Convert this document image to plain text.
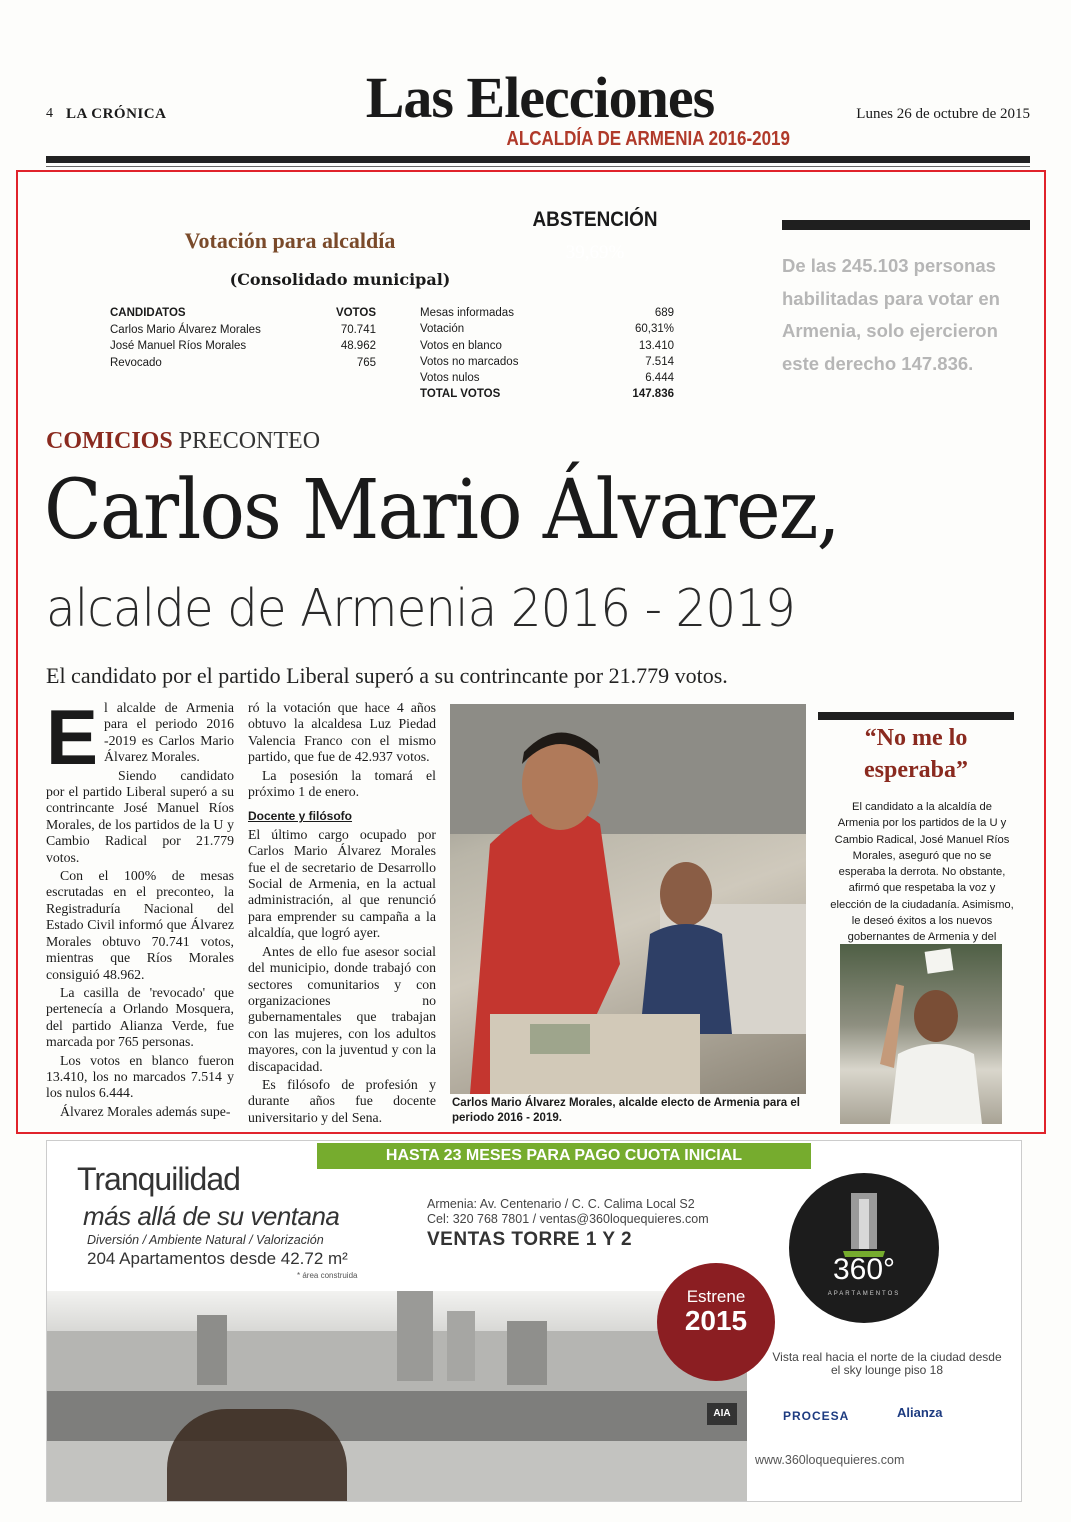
4 LA CRÓNICA	Las Elecciones
ALCALDÍA DE ARMENIA 2016-2019
Lunes 26 de octubre de 2015
Votación para alcaldía
(Consolidado municipal)
CANDIDATOS	VOTOS
Carlos Mario Álvarez Morales	70.741
José Manuel Ríos Morales	48.962
Revocado	765
Mesas informadas	689
Votación	60,31%
Votos en blanco	13.410
Votos no marcados	7.514
Votos nulos	6.444
TOTAL VOTOS	147.836
ABSTENCIÓN
39,69%
De las 245.103 personas habilitadas para votar en Armenia, solo ejercieron este derecho 147.836.
COMICIOS PRECONTEO
Carlos Mario Álvarez,
alcalde de Armenia 2016 - 2019
El candidato por el partido Liberal superó a su contrincante por 21.779 votos.

El alcalde de Armenia para el periodo 2016 -2019 es Carlos Mario Álvarez Morales.

Siendo candidato por el partido Liberal superó a su contrincante José Manuel Ríos Morales, de los partidos de la U y Cambio Radical por 21.779 votos.

Con el 100% de mesas escrutadas en el preconteo, la Registraduría Nacional del Estado Civil informó que Álvarez Morales obtuvo 70.741 votos, mientras que Ríos Morales consiguió 48.962.

La casilla de 'revocado' que pertenecía a Orlando Mosquera, del partido Alianza Verde, fue marcada por 765 personas.

Los votos en blanco fueron 13.410, los no marcados 7.514 y los nulos 6.444.

Álvarez Morales además supe-

ró la votación que hace 4 años obtuvo la alcaldesa Luz Piedad Valencia Franco con el mismo partido, que fue de 42.937 votos.

La posesión la tomará el próximo 1 de enero.

Docente y filósofo

El último cargo ocupado por Carlos Mario Álvarez Morales fue el de secretario de Desarrollo Social de Armenia, en la actual administración, al que renunció para emprender su campaña a la alcaldía, que logró ayer.

Antes de ello fue asesor social del municipio, donde trabajó con sectores comunitarios y con organizaciones no gubernamentales que trabajan con las mujeres, con los adultos mayores, con la juventud y con la discapacidad.

Es filósofo de profesión y durante años fue docente universitario y del Sena.

Carlos Mario Álvarez Morales, alcalde electo de Armenia para el periodo 2016 - 2019.
“No me lo esperaba”
El candidato a la alcaldía de Armenia por los partidos de la U y Cambio Radical, José Manuel Ríos Morales, aseguró que no se esperaba la derrota. No obstante, afirmó que respetaba la voz y elección de la ciudadanía. Asimismo, le deseó éxitos a los nuevos gobernantes de Armenia y del
HASTA 23 MESES PARA PAGO CUOTA INICIAL
Tranquilidad
más allá de su ventana
Diversión / Ambiente Natural / Valorización
204 Apartamentos desde 42.72 m²
* área construida
Armenia: Av. Centenario / C. C. Calima Local S2
Cel: 320 768 7801 / ventas@360loquequieres.com
VENTAS TORRE 1 Y 2
360°
APARTAMENTOS
Estrene
2015
Vista real hacia el norte de la ciudad desde el sky lounge piso 18
AIA	PROCESA	Alianza
www.360loquequieres.com
